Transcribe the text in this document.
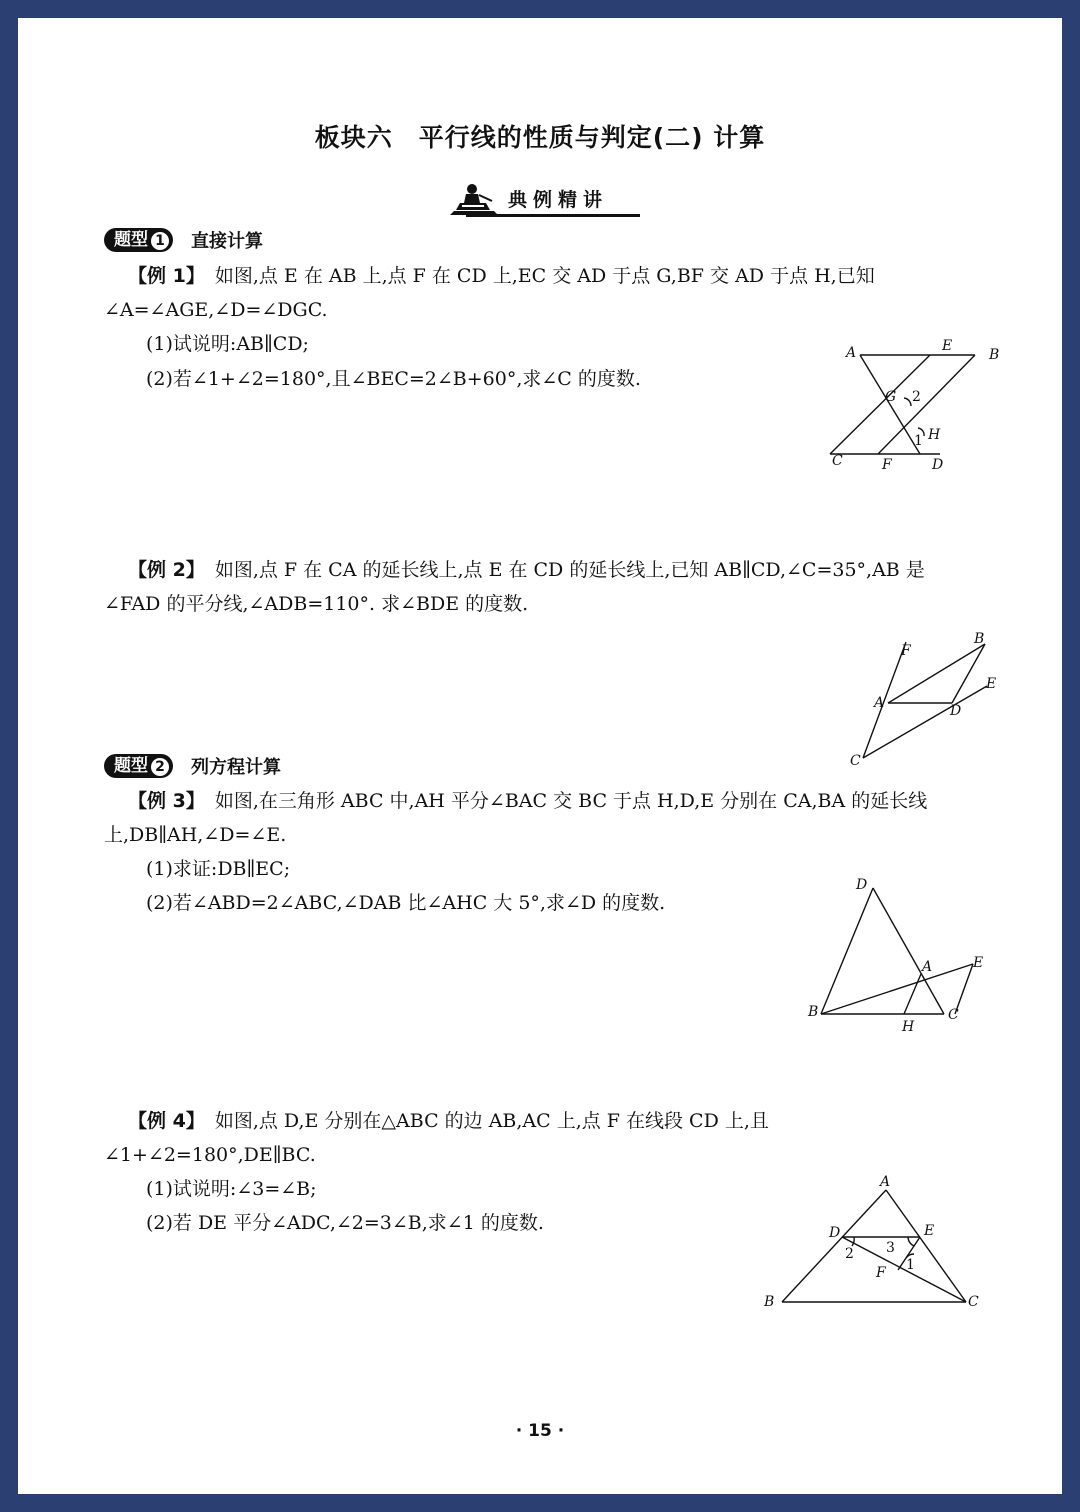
板块六 平行线的性质与判定(二) 计算
典例精讲
题型 1	直接计算
【例 1】 如图,点 E 在 AB 上,点 F 在 CD 上,EC 交 AD 于点 G,BF 交 AD 于点 H,已知∠A=∠AGE,∠D=∠DGC.
(1)试说明:AB∥CD;
(2)若∠1+∠2=180°,且∠BEC=2∠B+60°,求∠C 的度数.
A	E
B
G 2
1 H
C	F	D
【例 2】 如图,点 F 在 CA 的延长线上,点 E 在 CD 的延长线上,已知 AB∥CD,∠C=35°,AB 是∠FAD 的平分线,∠ADB=110°. 求∠BDE 的度数.
F
B
E
A	D
C
题型 2	列方程计算
【例 3】 如图,在三角形 ABC 中,AH 平分∠BAC 交 BC 于点 H,D,E 分别在 CA,BA 的延长线上,DB∥AH,∠D=∠E.
(1)求证:DB∥EC;
(2)若∠ABD=2∠ABC,∠DAB 比∠AHC 大 5°,求∠D 的度数.
D
A	E
B
H
C
【例 4】 如图,点 D,E 分别在△ABC 的边 AB,AC 上,点 F 在线段 CD 上,且∠1+∠2=180°,DE∥BC.
(1)试说明:∠3=∠B;
(2)若 DE 平分∠ADC,∠2=3∠B,求∠1 的度数.
A
D	E
2 3
1
F
B	C
· 15 ·
